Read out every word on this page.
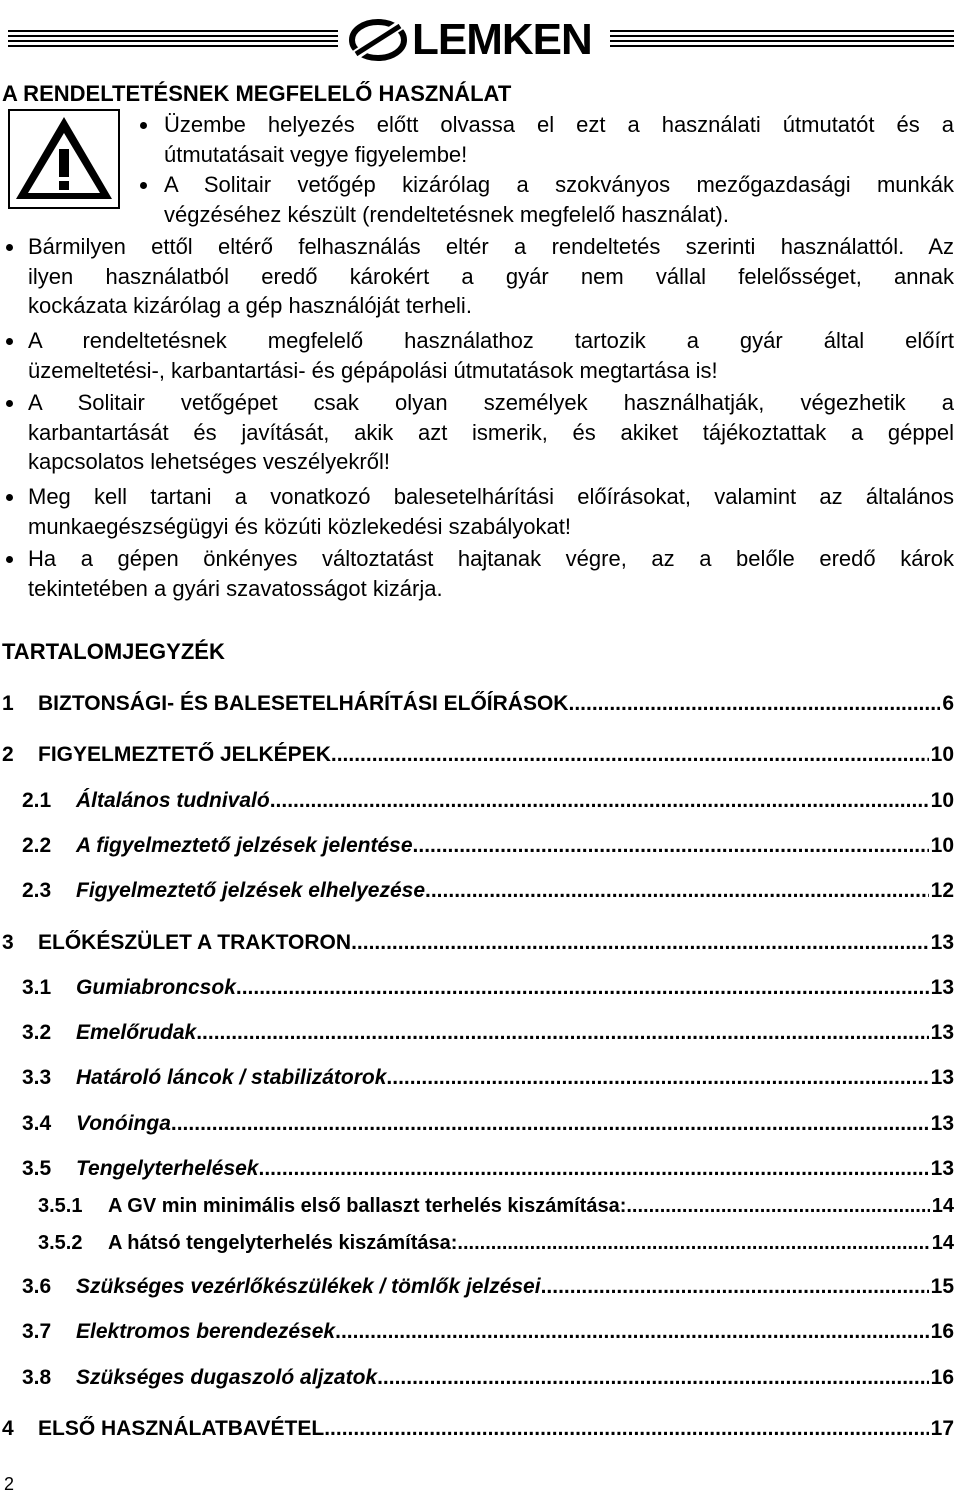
LEMKEN
A RENDELTETÉSNEK MEGFELELŐ HASZNÁLAT
Üzembe helyezés előtt olvassa el ezt a használati útmutatót és a
útmutatásait vegye figyelembe!
A Solitair vetőgép kizárólag a szokványos mezőgazdasági munkák
végzéséhez készült (rendeltetésnek megfelelő használat).
Bármilyen ettől eltérő felhasználás eltér a rendeltetés szerinti használattól. Az
ilyen használatból eredő károkért a gyár nem vállal felelősséget, annak
kockázata kizárólag a gép használóját terheli.
A rendeltetésnek megfelelő használathoz tartozik a gyár által előírt
üzemeltetési-, karbantartási- és gépápolási útmutatások megtartása is!
A Solitair vetőgépet csak olyan személyek használhatják, végezhetik a
karbantartását és javítását, akik azt ismerik, és akiket tájékoztattak a géppel
kapcsolatos lehetséges veszélyekről!
Meg kell tartani a vonatkozó balesetelhárítási előírásokat, valamint az általános
munkaegészségügyi és közúti közlekedési szabályokat!
Ha a gépen önkényes változtatást hajtanak végre, az a belőle eredő károk
tekintetében a gyári szavatosságot kizárja.
TARTALOMJEGYZÉK
1	BIZTONSÁGI- ÉS BALESETELHÁRÍTÁSI ELŐÍRÁSOK .....	6
2	FIGYELMEZTETŐ JELKÉPEK .....	10
2.1	Általános tudnivaló .....	10
2.2	A figyelmeztető jelzések jelentése .....	10
2.3	Figyelmeztető jelzések elhelyezése .....	12
3	ELŐKÉSZÜLET A TRAKTORON .....	13
3.1	Gumiabroncsok .....	13
3.2	Emelőrudak .....	13
3.3	Határoló láncok / stabilizátorok .....	13
3.4	Vonóinga .....	13
3.5	Tengelyterhelések .....	13
3.5.1	A GV min minimális első ballaszt terhelés kiszámítása: .....	14
3.5.2	A hátsó tengelyterhelés kiszámítása: .....	14
3.6	Szükséges vezérlőkészülékek / tömlők jelzései .....	15
3.7	Elektromos berendezések .....	16
3.8	Szükséges dugaszoló aljzatok .....	16
4	ELSŐ HASZNÁLATBAVÉTEL .....	17
2
